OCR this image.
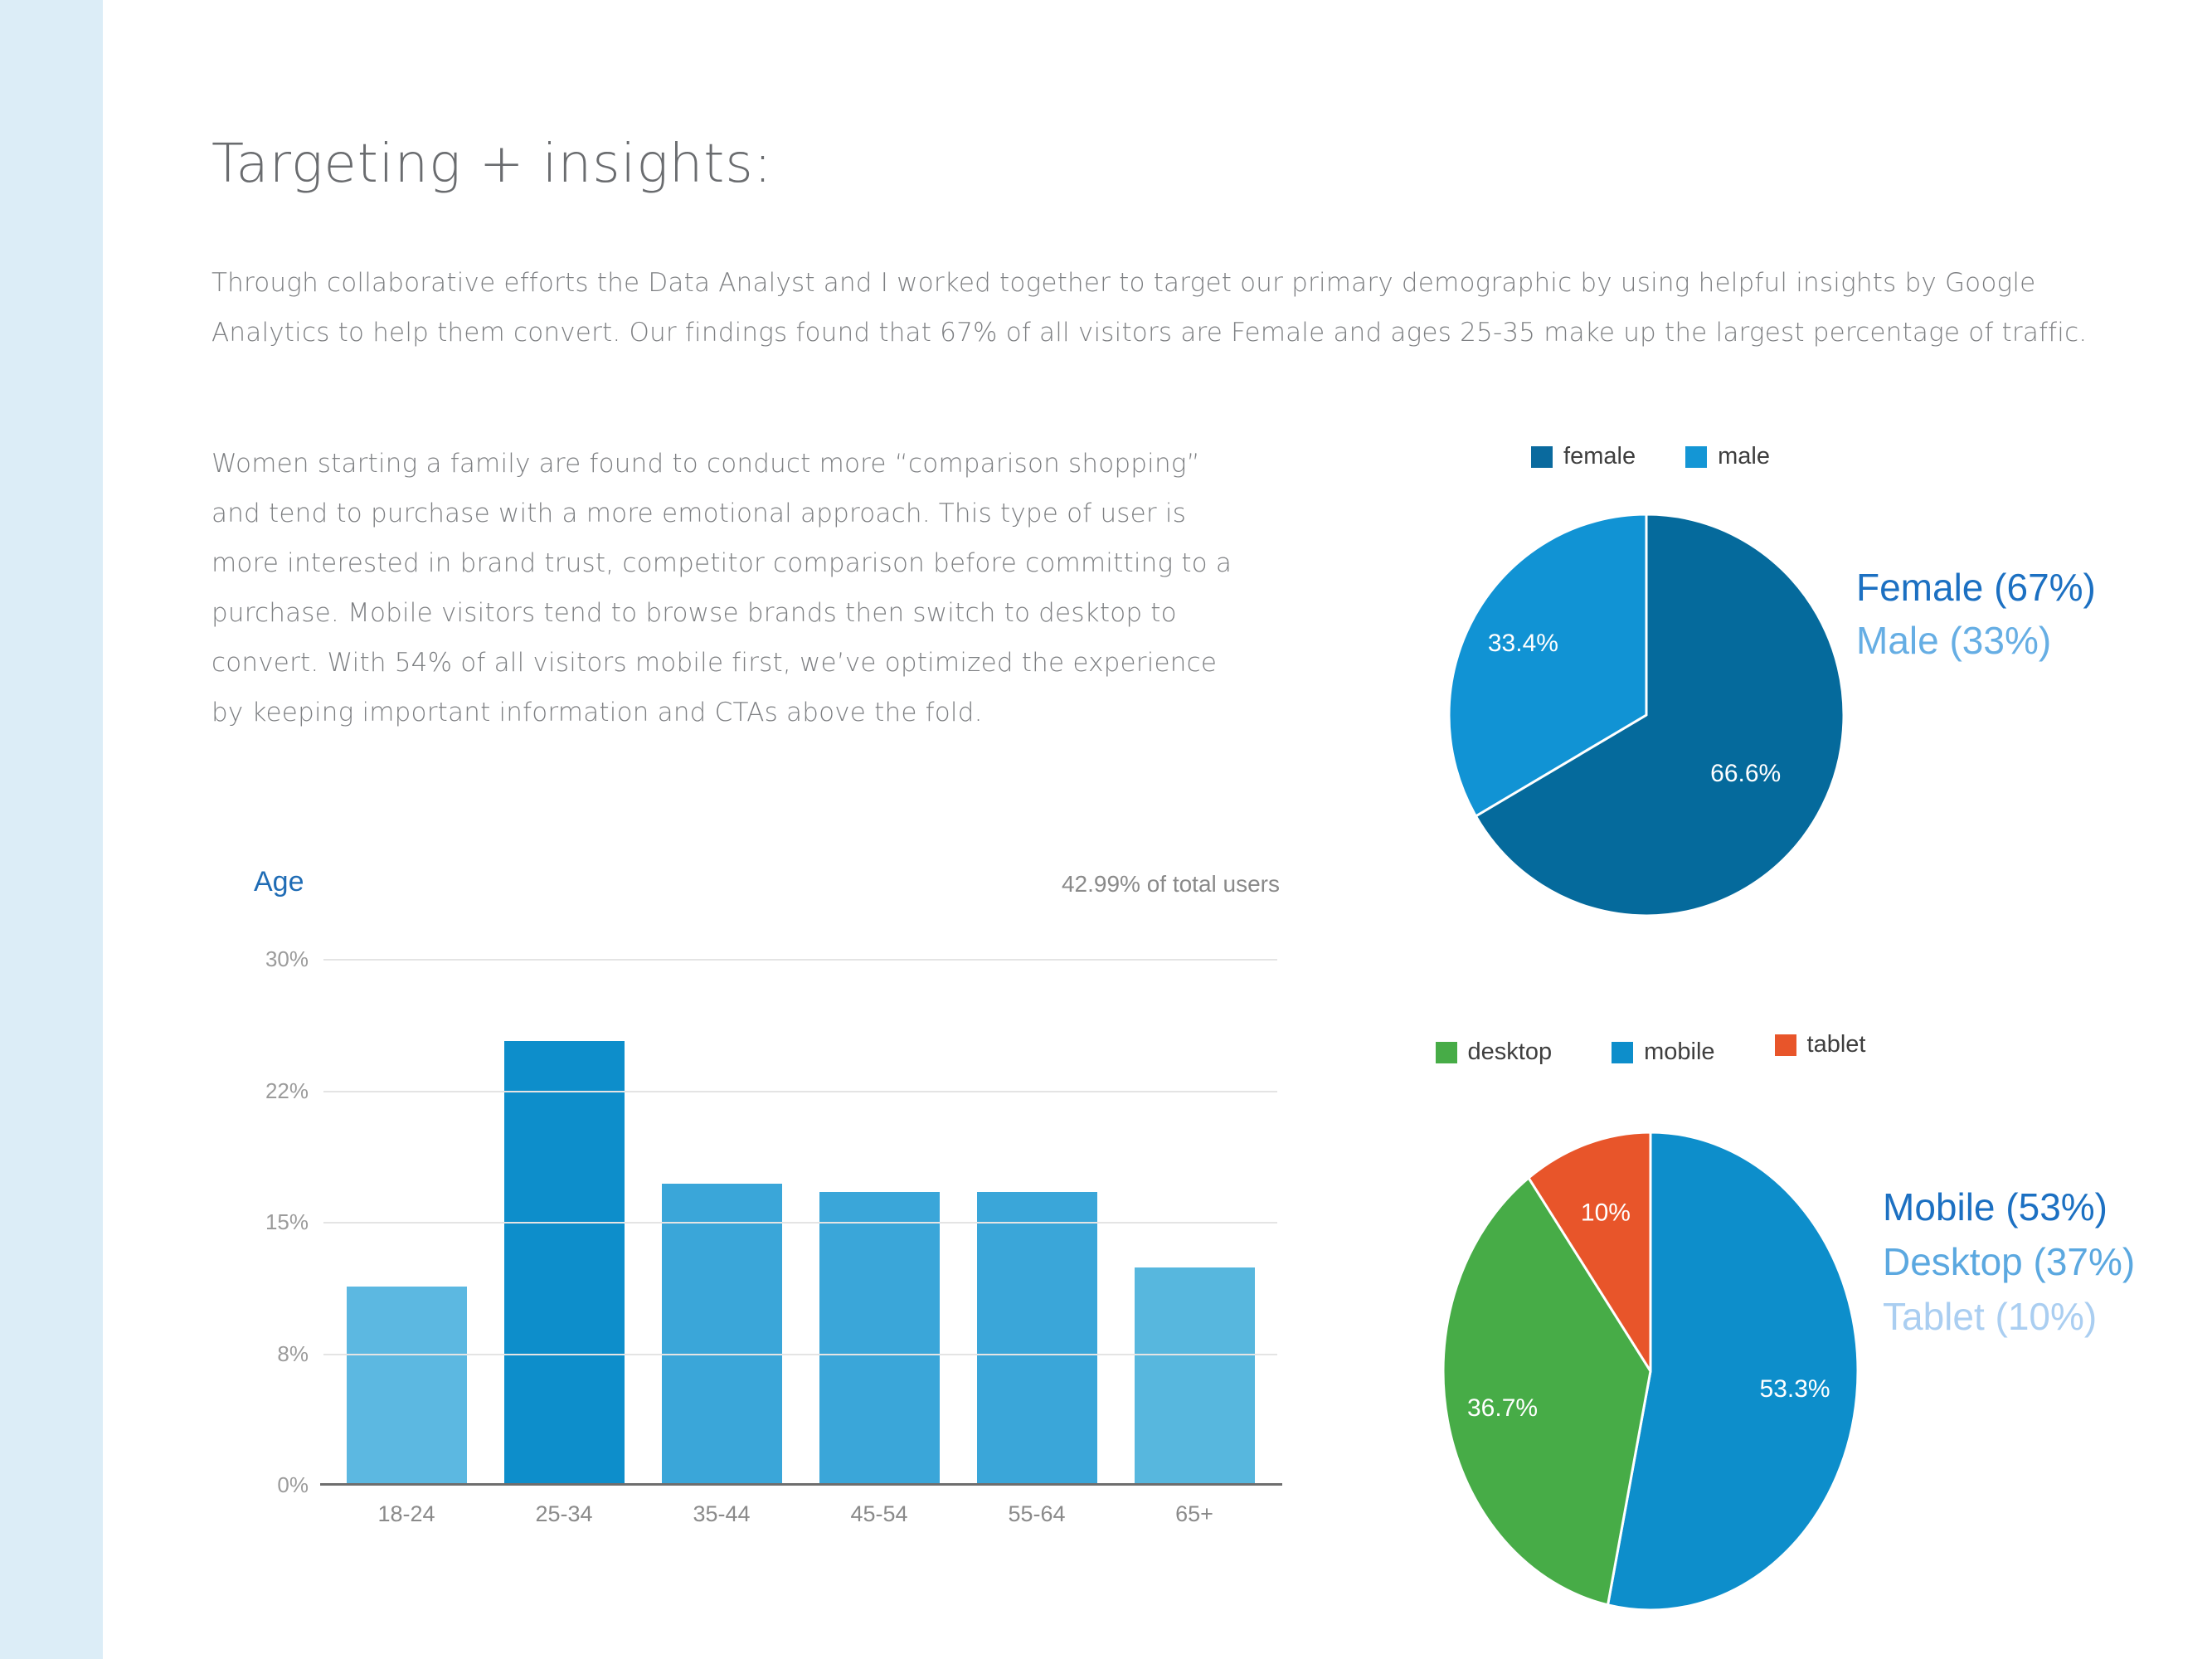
Targeting + insights:

Through collaborative efforts the Data Analyst and I worked together to target our primary demographic by using helpful insights by Google Analytics to help them convert. Our findings found that 67% of all visitors are Female and ages 25-35 make up the largest percentage of traffic.

Women starting a family are found to conduct more “comparison shopping” and tend to purchase with a more emotional approach. This type of user is more interested in brand trust, competitor comparison before committing to a purchase. Mobile visitors tend to browse brands then switch to desktop to convert. With 54% of all visitors mobile first, we’ve optimized the experience by keeping important information and CTAs above the fold.

female	male
66.6%
33.4%
Female (67%)
Male (33%)
Age	42.99% of total users
18-24	25-34	35-44	45-54	55-64	65+
30%
22%
15%
8%
0%
desktop	mobile	tablet
53.3%
36.7%
10%	Mobile (53%)
Desktop (37%)
Tablet (10%)
